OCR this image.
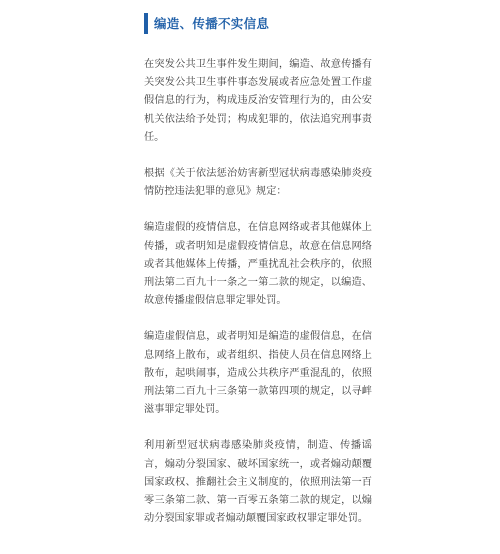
编造、传播不实信息

在突发公共卫生事件发生期间，编造、故意传播有关突发公共卫生事件事态发展或者应急处置工作虚假信息的行为，构成违反治安管理行为的，由公安机关依法给予处罚；构成犯罪的，依法追究刑事责任。

根据《关于依法惩治妨害新型冠状病毒感染肺炎疫情防控违法犯罪的意见》规定：

编造虚假的疫情信息，在信息网络或者其他媒体上传播，或者明知是虚假疫情信息，故意在信息网络或者其他媒体上传播，严重扰乱社会秩序的，依照刑法第二百九十一条之一第二款的规定，以编造、故意传播虚假信息罪定罪处罚。

编造虚假信息，或者明知是编造的虚假信息，在信息网络上散布，或者组织、指使人员在信息网络上散布，起哄闹事，造成公共秩序严重混乱的，依照刑法第二百九十三条第一款第四项的规定，以寻衅滋事罪定罪处罚。

利用新型冠状病毒感染肺炎疫情，制造、传播谣言，煽动分裂国家、破坏国家统一，或者煽动颠覆国家政权、推翻社会主义制度的，依照刑法第一百零三条第二款、第一百零五条第二款的规定，以煽动分裂国家罪或者煽动颠覆国家政权罪定罪处罚。
